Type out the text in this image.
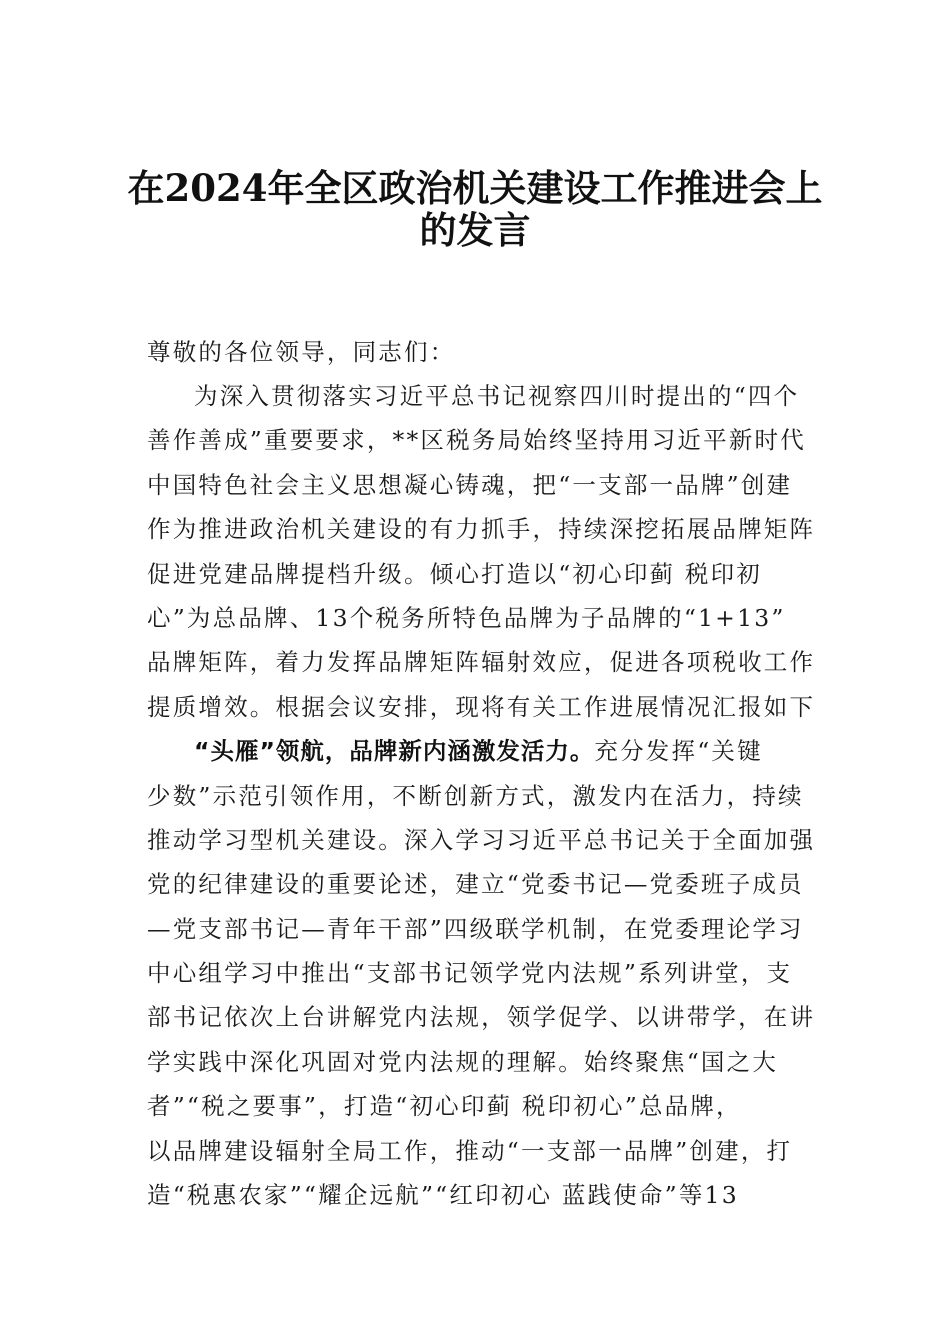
在2024年全区政治机关建设工作推进会上
的发言
尊敬的各位领导，同志们：
为深入贯彻落实习近平总书记视察四川时提出的“四个
善作善成”重要要求，**区税务局始终坚持用习近平新时代
中国特色社会主义思想凝心铸魂，把“一支部一品牌”创建
作为推进政治机关建设的有力抓手，持续深挖拓展品牌矩阵
促进党建品牌提档升级。倾心打造以“初心印蓟 税印初
心”为总品牌、13个税务所特色品牌为子品牌的“1+13”
品牌矩阵，着力发挥品牌矩阵辐射效应，促进各项税收工作
提质增效。根据会议安排，现将有关工作进展情况汇报如下
“头雁”领航，品牌新内涵激发活力。充分发挥“关键
少数”示范引领作用，不断创新方式，激发内在活力，持续
推动学习型机关建设。深入学习习近平总书记关于全面加强
党的纪律建设的重要论述，建立“党委书记—党委班子成员
—党支部书记—青年干部”四级联学机制，在党委理论学习
中心组学习中推出“支部书记领学党内法规”系列讲堂，支
部书记依次上台讲解党内法规，领学促学、以讲带学，在讲
学实践中深化巩固对党内法规的理解。始终聚焦“国之大
者”“税之要事”，打造“初心印蓟 税印初心”总品牌，
以品牌建设辐射全局工作，推动“一支部一品牌”创建，打
造“税惠农家”“耀企远航”“红印初心 蓝践使命”等13
